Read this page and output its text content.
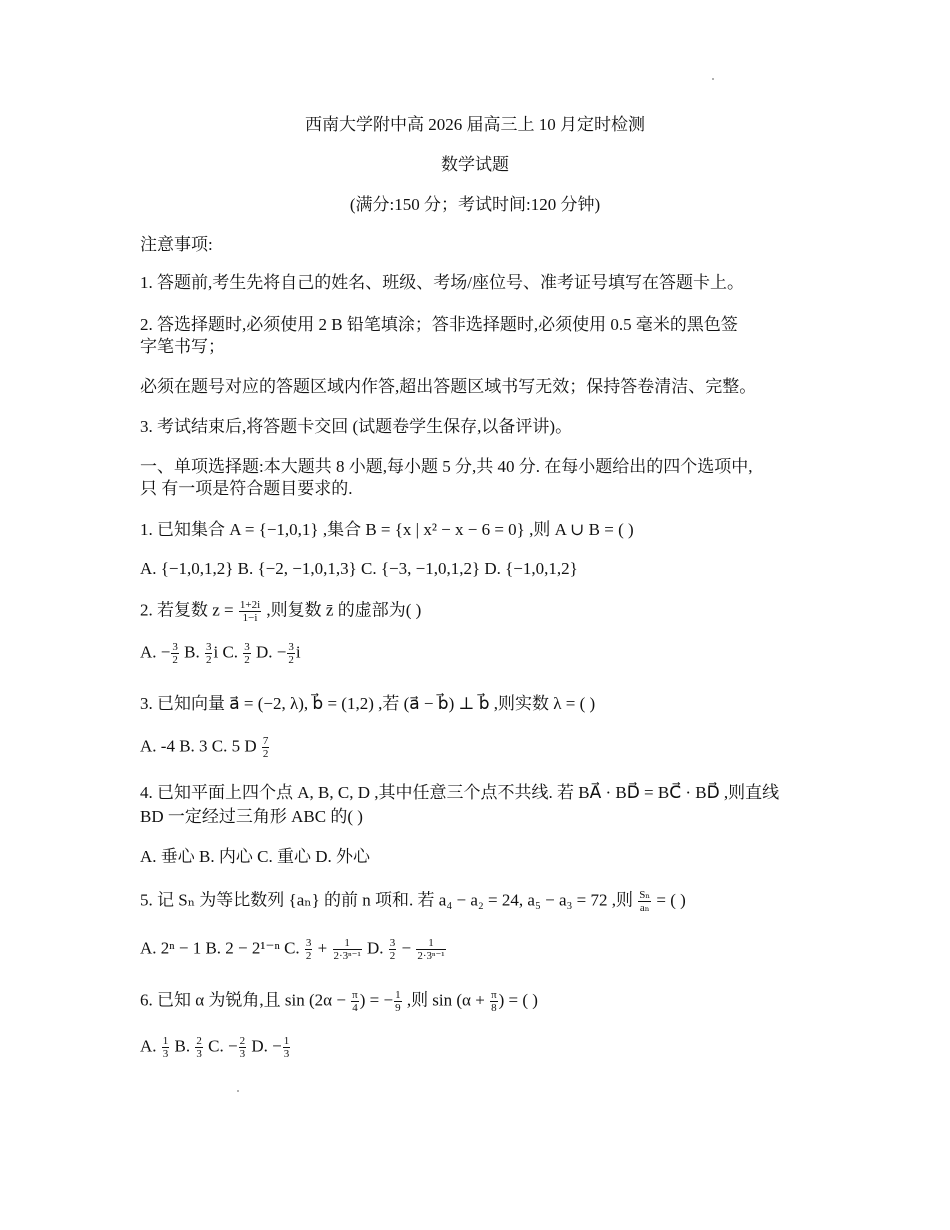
西南大学附中高 2026 届高三上 10 月定时检测
数学试题
(满分:150 分；考试时间:120 分钟)
注意事项:
一、单项选择题:本大题共 8 小题,每小题 5 分,共 40 分. 在每小题给出的四个选项中,
只 有一项是符合题目要求的.
1. 答题前,考生先将自己的姓名、班级、考场/座位号、准考证号填写在答题卡上。
2. 答选择题时,必须使用 2 B 铅笔填涂；答非选择题时,必须使用 0.5 毫米的黑色签
字笔书写；
必须在题号对应的答题区域内作答,超出答题区域书写无效；保持答卷清洁、完整。
3. 考试结束后,将答题卡交回 (试题卷学生保存,以备评讲)。
1. 已知集合 A = {−1,0,1} ,集合 B = {x | x² − x − 6 = 0} ,则 A ∪ B = ( )
A. {−1,0,1,2} B. {−2, −1,0,1,3} C. {−3, −1,0,1,2} D. {−1,0,1,2}
2. 若复数 $z = \frac{1+2i}{1-i}$ ,则复数 z̄ 的虚部为( )
A. − $\frac{3}{2} B$. $\frac{3}{2}$ i C. $\frac{3}{2} D$. − $\frac{3}{2}$ i
3. 已知向量 a⃗ = (−2, λ), b⃗ = (1,2) ,若 (a⃗ − b⃗) ⊥ b⃗ ,则实数 λ = ( )
A. -4 B. 3 C. 5 D $\frac{7}{2}$
4. 已知平面上四个点 A, B, C, D ,其中任意三个点不共线. 若 BA⃗ · BD⃗ = BC⃗ · BD⃗ ,则直线
BD 一定经过三角形 ABC 的( )
A. 垂心 B. 内心 C. 重心 D. 外心
5. 记 Sₙ 为等比数列 {aₙ} 的前 n 项和. 若 a₄ − a₂ = 24, a₅ − a₃ = 72 ,则 $\frac{\text{Sₙ}}{\text{aₙ}}$ = ( )
A. 2ⁿ − 1 B. 2 − 2¹⁻ⁿ C. $\frac{3}{2} + \frac{1}{\text{2·3ⁿ⁻¹}} D$. $\frac{3}{2} - \frac{1}{\text{2·3ⁿ⁻¹}}$
6. 已知 α 为锐角,且 $\sin (2\alpha - \frac{\pi}{4}$ ) = − $\frac{1}{9}$ ,则 $\sin (\alpha + \frac{\pi}{8}$ ) = ( )
A. $\frac{1}{3} B$. $\frac{2}{3} C$. − $\frac{2}{3} D$. − $\frac{1}{3}$
